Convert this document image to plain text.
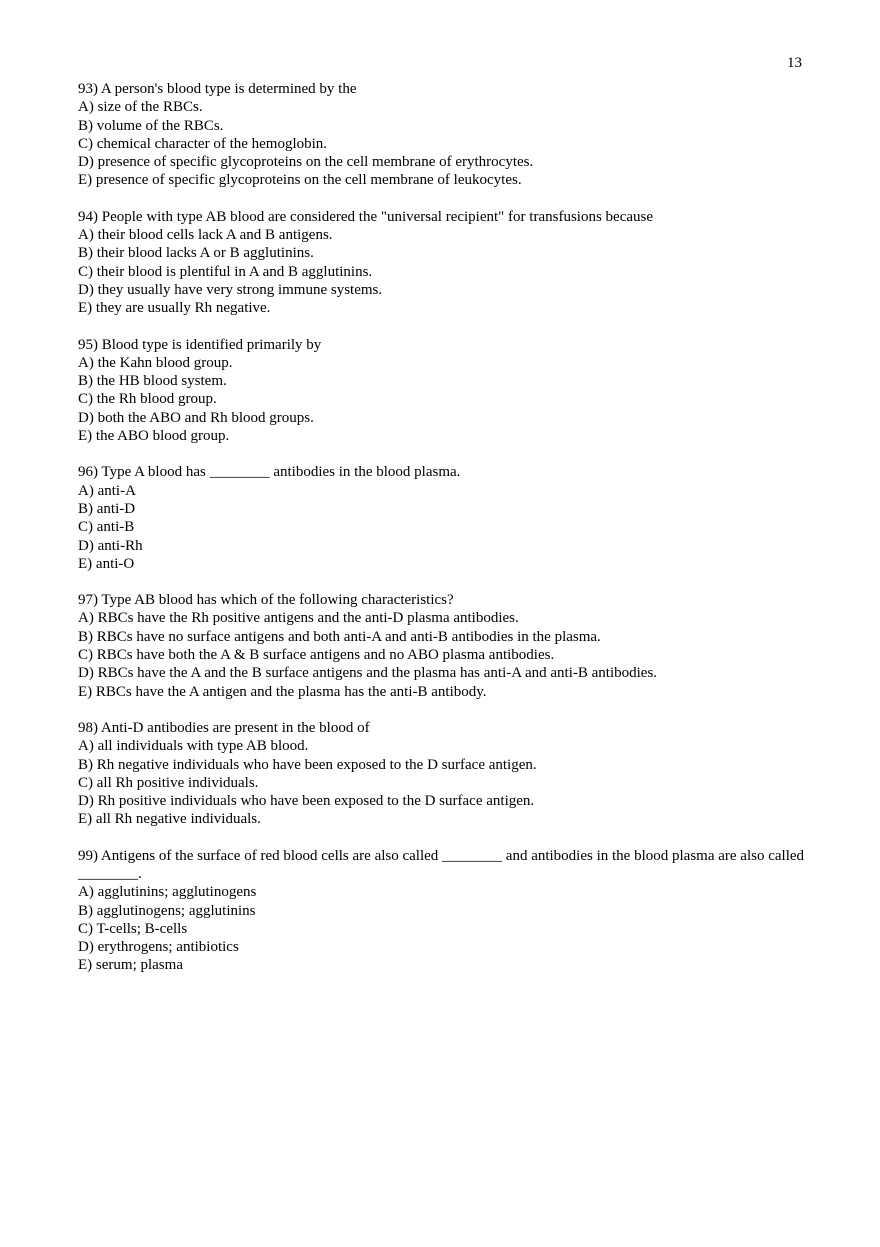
13

93) A person's blood type is determined by the

A) size of the RBCs.

B) volume of the RBCs.

C) chemical character of the hemoglobin.

D) presence of specific glycoproteins on the cell membrane of erythrocytes.

E) presence of specific glycoproteins on the cell membrane of leukocytes.

94) People with type AB blood are considered the "universal recipient" for transfusions because

A) their blood cells lack A and B antigens.

B) their blood lacks A or B agglutinins.

C) their blood is plentiful in A and B agglutinins.

D) they usually have very strong immune systems.

E) they are usually Rh negative.

95) Blood type is identified primarily by

A) the Kahn blood group.

B) the HB blood system.

C) the Rh blood group.

D) both the ABO and Rh blood groups.

E) the ABO blood group.

96) Type A blood has ________ antibodies in the blood plasma.

A) anti-A

B) anti-D

C) anti-B

D) anti-Rh

E) anti-O

97) Type AB blood has which of the following characteristics?

A) RBCs have the Rh positive antigens and the anti-D plasma antibodies.

B) RBCs have no surface antigens and both anti-A and anti-B antibodies in the plasma.

C) RBCs have both the A & B surface antigens and no ABO plasma antibodies.

D) RBCs have the A and the B surface antigens and the plasma has anti-A and anti-B antibodies.

E) RBCs have the A antigen and the plasma has the anti-B antibody.

98) Anti-D antibodies are present in the blood of

A) all individuals with type AB blood.

B) Rh negative individuals who have been exposed to the D surface antigen.

C) all Rh positive individuals.

D) Rh positive individuals who have been exposed to the D surface antigen.

E) all Rh negative individuals.

99) Antigens of the surface of red blood cells are also called ________ and antibodies in the blood plasma are also called ________.

A) agglutinins; agglutinogens

B) agglutinogens; agglutinins

C) T-cells; B-cells

D) erythrogens; antibiotics

E) serum; plasma
